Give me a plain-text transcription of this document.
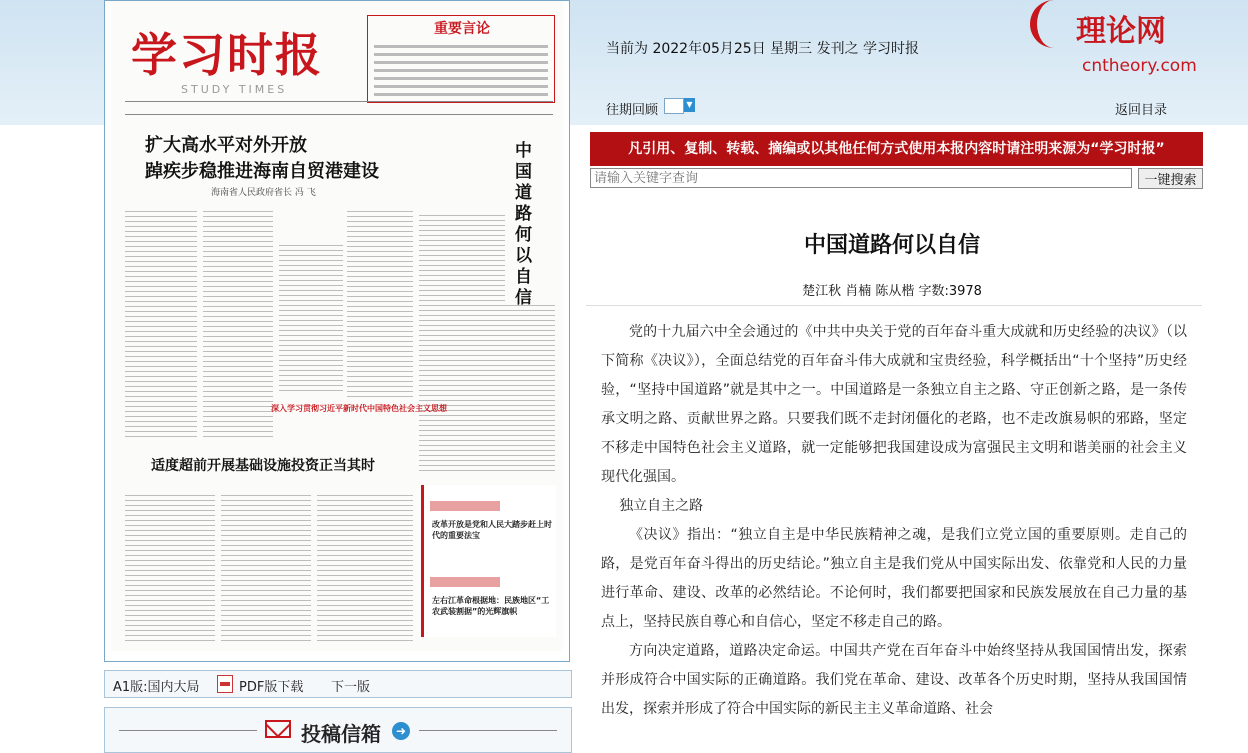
学习时报
STUDY TIMES
重要言论
扩大高水平对外开放
踔疾步稳推进海南自贸港建设
海南省人民政府省长 冯 飞
中国道路何以自信
深入学习贯彻习近平新时代中国特色社会主义思想
适度超前开展基础设施投资正当其时
改革开放是党和人民大踏步赶上时代的重要法宝
左右江革命根据地：民族地区“工农武装割据”的光辉旗帜
A1版:国内大局	PDF版下载 下一版
投稿信箱	➜
当前为 2022年05月25日 星期三 发刊之 学习时报	理论网
cntheory.com
往期回顾	▼	返回目录
凡引用、复制、转载、摘编或以其他任何方式使用本报内容时请注明来源为“学习时报”
请输入关键字查询
一键搜索
中国道路何以自信
楚江秋 肖楠 陈从楷 字数:3978

党的十九届六中全会通过的《中共中央关于党的百年奋斗重大成就和历史经验的决议》（以下简称《决议》），全面总结党的百年奋斗伟大成就和宝贵经验，科学概括出“十个坚持”历史经验，“坚持中国道路”就是其中之一。中国道路是一条独立自主之路、守正创新之路，是一条传承文明之路、贡献世界之路。只要我们既不走封闭僵化的老路，也不走改旗易帜的邪路，坚定不移走中国特色社会主义道路，就一定能够把我国建设成为富强民主文明和谐美丽的社会主义现代化强国。

独立自主之路

《决议》指出：“独立自主是中华民族精神之魂，是我们立党立国的重要原则。走自己的路，是党百年奋斗得出的历史结论。”独立自主是我们党从中国实际出发、依靠党和人民的力量进行革命、建设、改革的必然结论。不论何时，我们都要把国家和民族发展放在自己力量的基点上，坚持民族自尊心和自信心，坚定不移走自己的路。

方向决定道路，道路决定命运。中国共产党在百年奋斗中始终坚持从我国国情出发，探索并形成符合中国实际的正确道路。我们党在革命、建设、改革各个历史时期，坚持从我国国情出发，探索并形成了符合中国实际的新民主主义革命道路、社会
